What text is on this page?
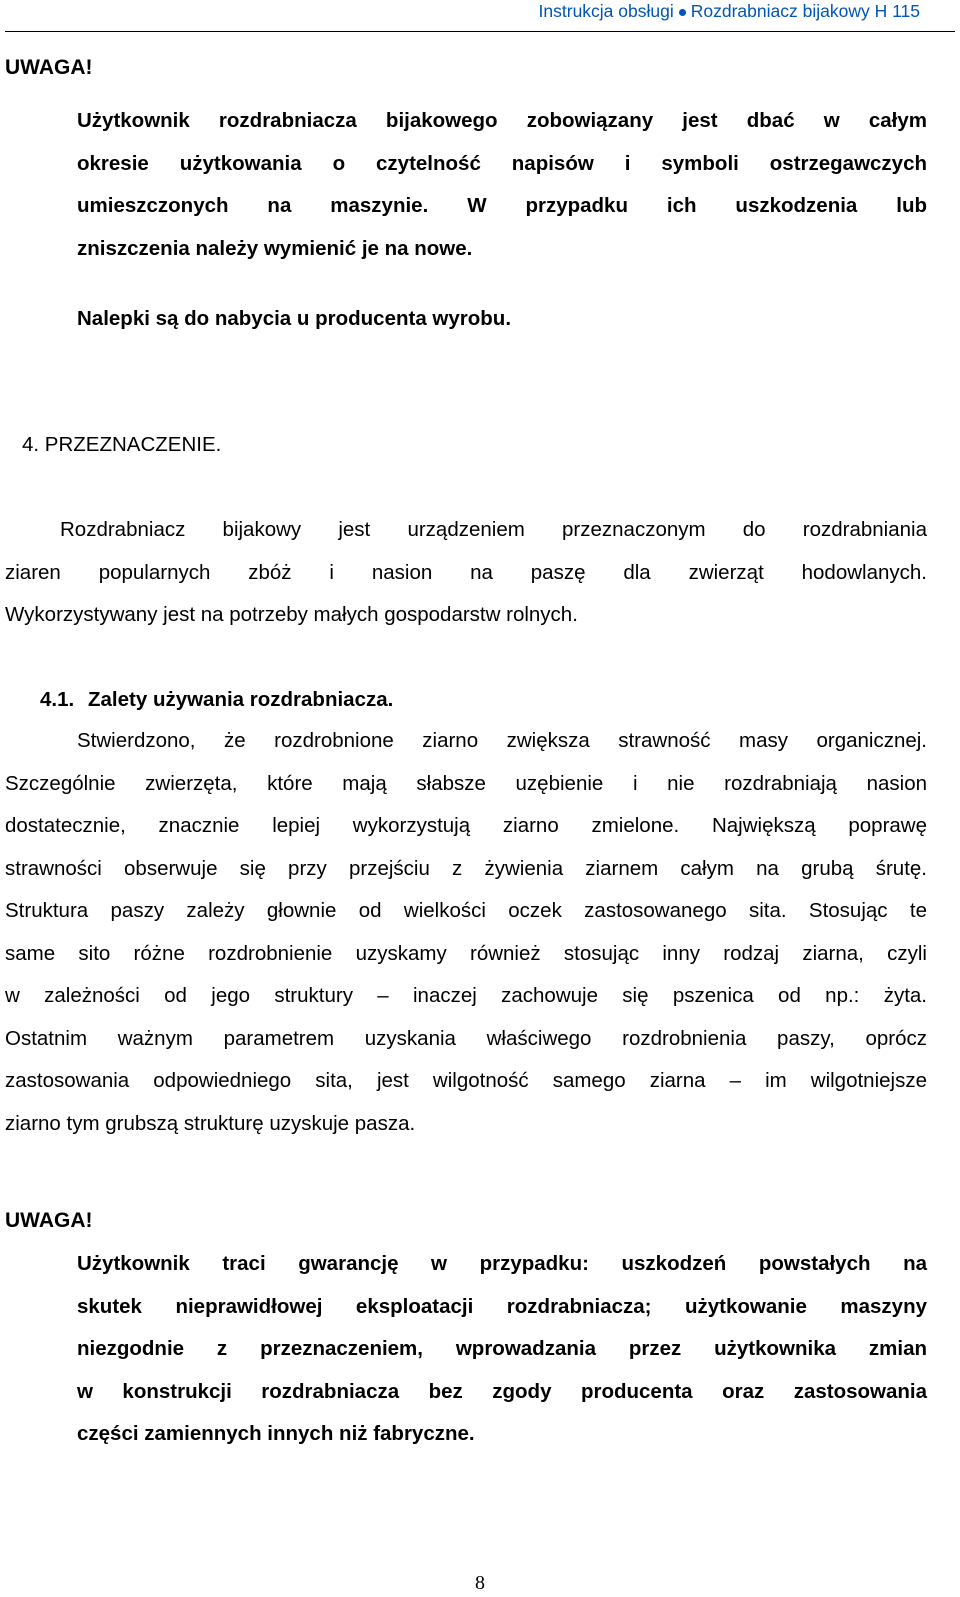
Instrukcja obsługi Rozdrabniacz bijakowy H 115
UWAGA!
Użytkownik rozdrabniacza bijakowego zobowiązany jest dbać w całym
okresie użytkowania o czytelność napisów i symboli ostrzegawczych
umieszczonych na maszynie. W przypadku ich uszkodzenia lub
zniszczenia należy wymienić je na nowe.
Nalepki są do nabycia u producenta wyrobu.
4. PRZEZNACZENIE.
Rozdrabniacz bijakowy jest urządzeniem przeznaczonym do rozdrabniania
ziaren popularnych zbóż i nasion na paszę dla zwierząt hodowlanych.
Wykorzystywany jest na potrzeby małych gospodarstw rolnych.
4.1. Zalety używania rozdrabniacza.
Stwierdzono, że rozdrobnione ziarno zwiększa strawność masy organicznej.
Szczególnie zwierzęta, które mają słabsze uzębienie i nie rozdrabniają nasion
dostatecznie, znacznie lepiej wykorzystują ziarno zmielone. Największą poprawę
strawności obserwuje się przy przejściu z żywienia ziarnem całym na grubą śrutę.
Struktura paszy zależy głownie od wielkości oczek zastosowanego sita. Stosując te
same sito różne rozdrobnienie uzyskamy również stosując inny rodzaj ziarna, czyli
w zależności od jego struktury – inaczej zachowuje się pszenica od np.: żyta.
Ostatnim ważnym parametrem uzyskania właściwego rozdrobnienia paszy, oprócz
zastosowania odpowiedniego sita, jest wilgotność samego ziarna – im wilgotniejsze
ziarno tym grubszą strukturę uzyskuje pasza.
UWAGA!
Użytkownik traci gwarancję w przypadku: uszkodzeń powstałych na
skutek nieprawidłowej eksploatacji rozdrabniacza; użytkowanie maszyny
niezgodnie z przeznaczeniem, wprowadzania przez użytkownika zmian
w konstrukcji rozdrabniacza bez zgody producenta oraz zastosowania
części zamiennych innych niż fabryczne.
8
